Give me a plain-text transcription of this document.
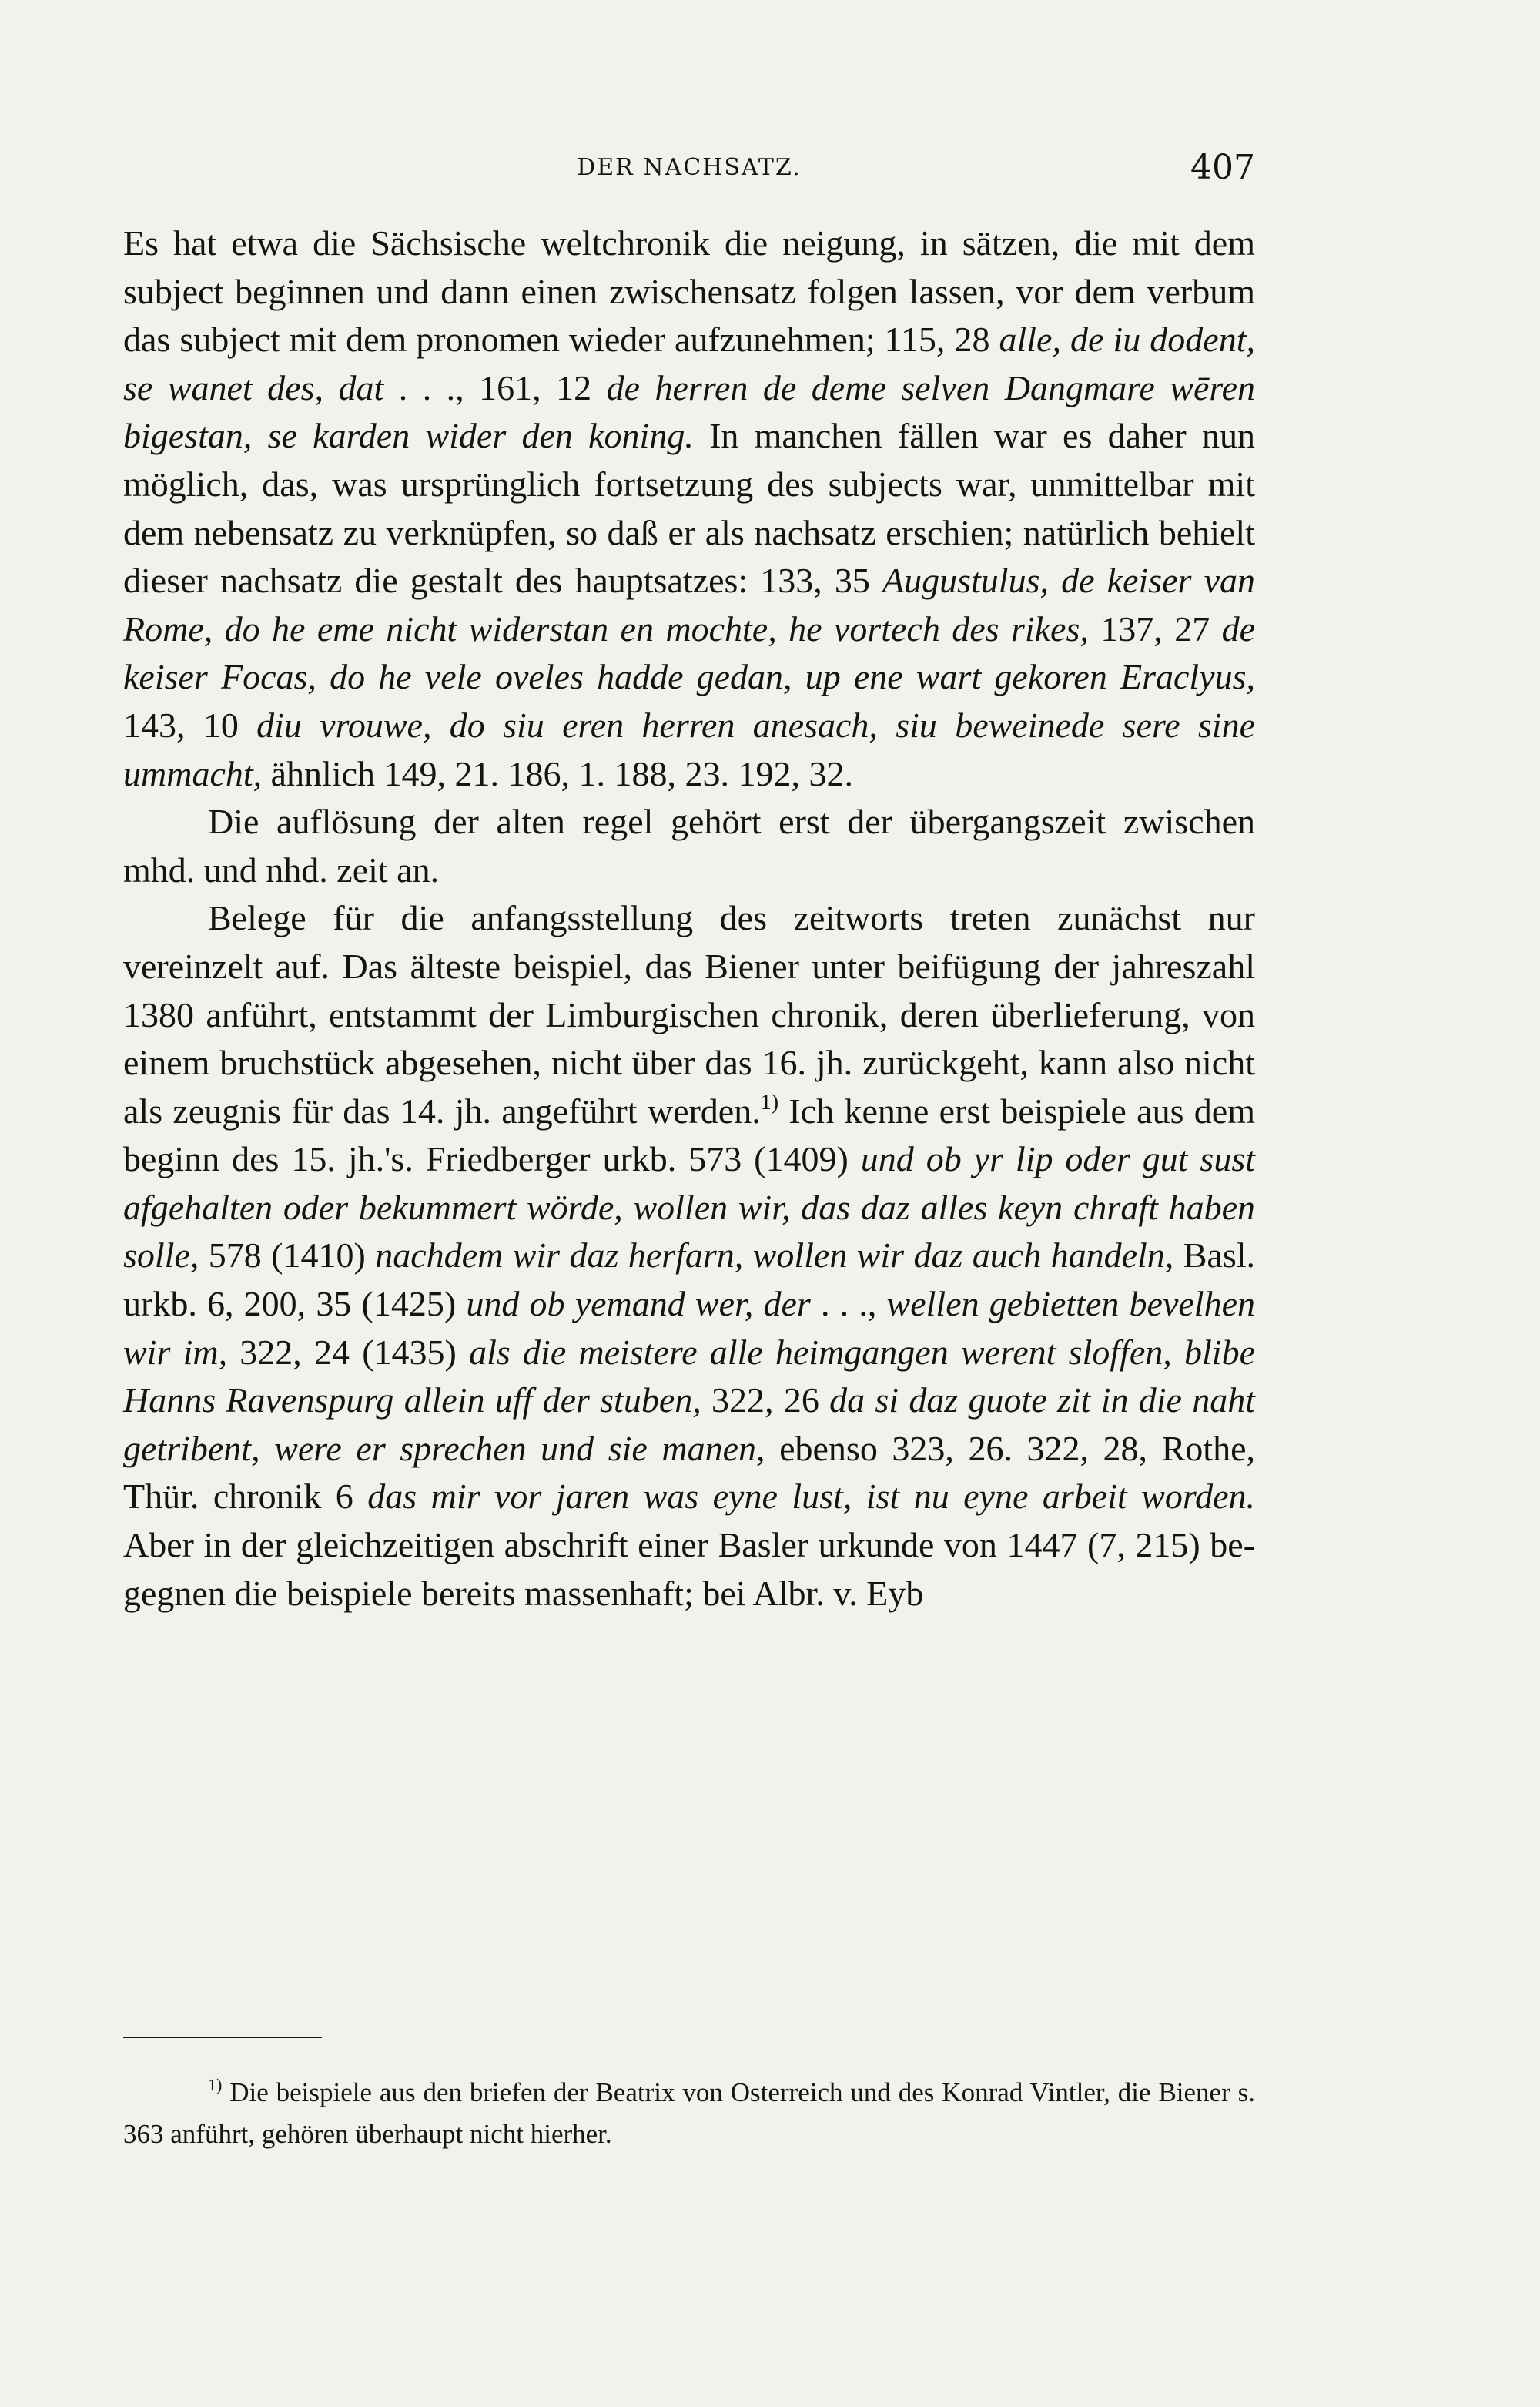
DER NACHSATZ.	407

Es hat etwa die Sächsische weltchronik die neigung, in sätzen, die mit dem subject beginnen und dann einen zwischensatz folgen lassen, vor dem verbum das subject mit dem pronomen wieder aufzunehmen; 115, 28 alle, de iu dodent, se wanet des, dat . . ., 161, 12 de herren de deme selven Dangmare wēren bigestan, se karden wider den koning. In manchen fällen war es daher nun möglich, das, was ursprünglich fortsetzung des subjects war, unmittelbar mit dem nebensatz zu verknüpfen, so daß er als nachsatz erschien; natürlich behielt dieser nachsatz die gestalt des hauptsatzes: 133, 35 Augustulus, de keiser van Rome, do he eme nicht widerstan en mochte, he vortech des rikes, 137, 27 de keiser Focas, do he vele oveles hadde gedan, up ene wart gekoren Eraclyus, 143, 10 diu vrouwe, do siu eren herren anesach, siu beweinede sere sine ummacht, ähnlich 149, 21. 186, 1. 188, 23. 192, 32.

Die auflösung der alten regel gehört erst der übergangszeit zwischen mhd. und nhd. zeit an.

Belege für die anfangsstellung des zeitworts treten zunächst nur vereinzelt auf. Das älteste beispiel, das Biener unter beifügung der jahreszahl 1380 anführt, entstammt der Limburgischen chronik, deren überlieferung, von einem bruchstück abgesehen, nicht über das 16. jh. zurückgeht, kann also nicht als zeugnis für das 14. jh. angeführt werden.$^{1)}$ Ich kenne erst beispiele aus dem beginn des 15. jh.'s. Friedberger urkb. 573 (1409) und ob yr lip oder gut sust afgehalten oder bekummert wörde, wollen wir, das daz alles keyn chraft haben solle, 578 (1410) nachdem wir daz herfarn, wollen wir daz auch handeln, Basl. urkb. 6, 200, 35 (1425) und ob yemand wer, der . . ., wellen gebietten bevelhen wir im, 322, 24 (1435) als die meistere alle heimgangen werent sloffen, blibe Hanns Ravenspurg allein uff der stuben, 322, 26 da si daz guote zit in die naht getribent, were er sprechen und sie manen, ebenso 323, 26. 322, 28, Rothe, Thür. chronik 6 das mir vor jaren was eyne lust, ist nu eyne arbeit worden. Aber in der gleichzeitigen abschrift einer Basler urkunde von 1447 (7, 215) begegnen die beispiele bereits massenhaft; bei Albr. v. Eyb

$^{1)}$ Die beispiele aus den briefen der Beatrix von Osterreich und des Konrad Vintler, die Biener s. 363 anführt, gehören überhaupt nicht hierher.
